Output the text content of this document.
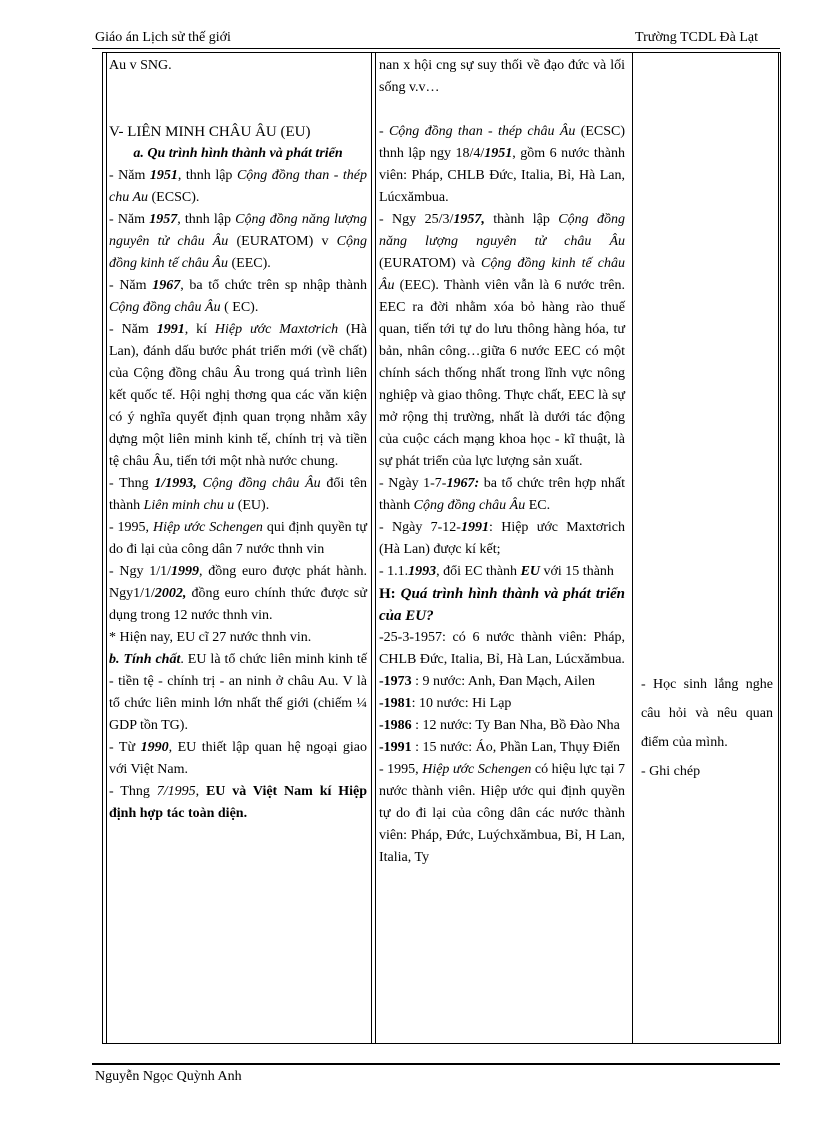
Giáo án Lịch sử thế giới	Trường TCDL Đà Lạt

Au v SNG.

V- LIÊN MINH CHÂU ÂU (EU)

a. Qu trình hình thành và phát triển

- Năm 1951, thnh lập Cộng đồng than - thép chu Au (ECSC).

- Năm 1957, thnh lập Cộng đồng năng lượng nguyên tử châu Âu (EURATOM) v Cộng đồng kinh tế châu Âu (EEC).

- Năm 1967, ba tổ chức trên sp nhập thành Cộng đồng châu Âu ( EC).

- Năm 1991, kí Hiệp ước Maxtơrich (Hà Lan), đánh dấu bước phát triển mới (về chất) của Cộng đồng châu Âu trong quá trình liên kết quốc tế. Hội nghị thơng qua các văn kiện có ý nghĩa quyết định quan trọng nhằm xây dựng một liên minh kinh tế, chính trị và tiền tệ châu Âu, tiến tới một nhà nước chung.

- Thng 1/1993, Cộng đồng châu Âu đổi tên thành Liên minh chu u (EU).

- 1995, Hiệp ước Schengen qui định quyền tự do đi lại của công dân 7 nước thnh vin

- Ngy 1/1/1999, đồng euro được phát hành. Ngy1/1/2002, đồng euro chính thức được sử dụng trong 12 nước thnh vin.

* Hiện nay, EU cĩ 27 nước thnh vin.

b. Tính chất. EU là tổ chức liên minh kinh tế - tiền tệ - chính trị - an ninh ở châu Au. V là tổ chức liên minh lớn nhất thế giới (chiếm ¼ GDP tồn TG).

- Từ 1990, EU thiết lập quan hệ ngoại giao với Việt Nam.

- Thng 7/1995, EU và Việt Nam kí Hiệp định hợp tác toàn diện.

nan x hội cng sự suy thối về đạo đức và lối sống v.v…

- Cộng đồng than - thép châu Âu (ECSC) thnh lập ngy 18/4/1951, gồm 6 nước thành viên: Pháp, CHLB Đức, Italia, Bỉ, Hà Lan, Lúcxămbua.

- Ngy 25/3/1957, thành lập Cộng đồng năng lượng nguyên tử châu Âu (EURATOM) và Cộng đồng kinh tế châu Âu (EEC). Thành viên vẫn là 6 nước trên. EEC ra đời nhằm xóa bỏ hàng rào thuế quan, tiến tới tự do lưu thông hàng hóa, tư bản, nhân công…giữa 6 nước EEC có một chính sách thống nhất trong lĩnh vực nông nghiệp và giao thông. Thực chất, EEC là sự mở rộng thị trường, nhất là dưới tác động của cuộc cách mạng khoa học - kĩ thuật, là sự phát triển của lực lượng sản xuất.

- Ngày 1-7-1967: ba tổ chức trên hợp nhất thành Cộng đồng châu Âu EC.

- Ngày 7-12-1991: Hiệp ước Maxtơrich (Hà Lan) được kí kết;

- 1.1.1993, đổi EC thành EU với 15 thành

H: Quá trình hình thành và phát triển của EU?

-25-3-1957: có 6 nước thành viên: Pháp, CHLB Đức, Italia, Bỉ, Hà Lan, Lúcxămbua.

-1973 : 9 nước: Anh, Đan Mạch, Ailen

-1981: 10 nước: Hi Lạp

-1986 : 12 nước: Ty Ban Nha, Bồ Đào Nha

-1991 : 15 nước: Áo, Phần Lan, Thụy Điển

- 1995, Hiệp ước Schengen có hiệu lực tại 7 nước thành viên. Hiệp ước qui định quyền tự do đi lại của công dân các nước thành viên: Pháp, Đức, Luýchxămbua, Bỉ, H Lan, Italia, Ty

- Học sinh lắng nghe câu hỏi và nêu quan điểm của mình.

- Ghi chép

Nguyễn Ngọc Quỳnh Anh
